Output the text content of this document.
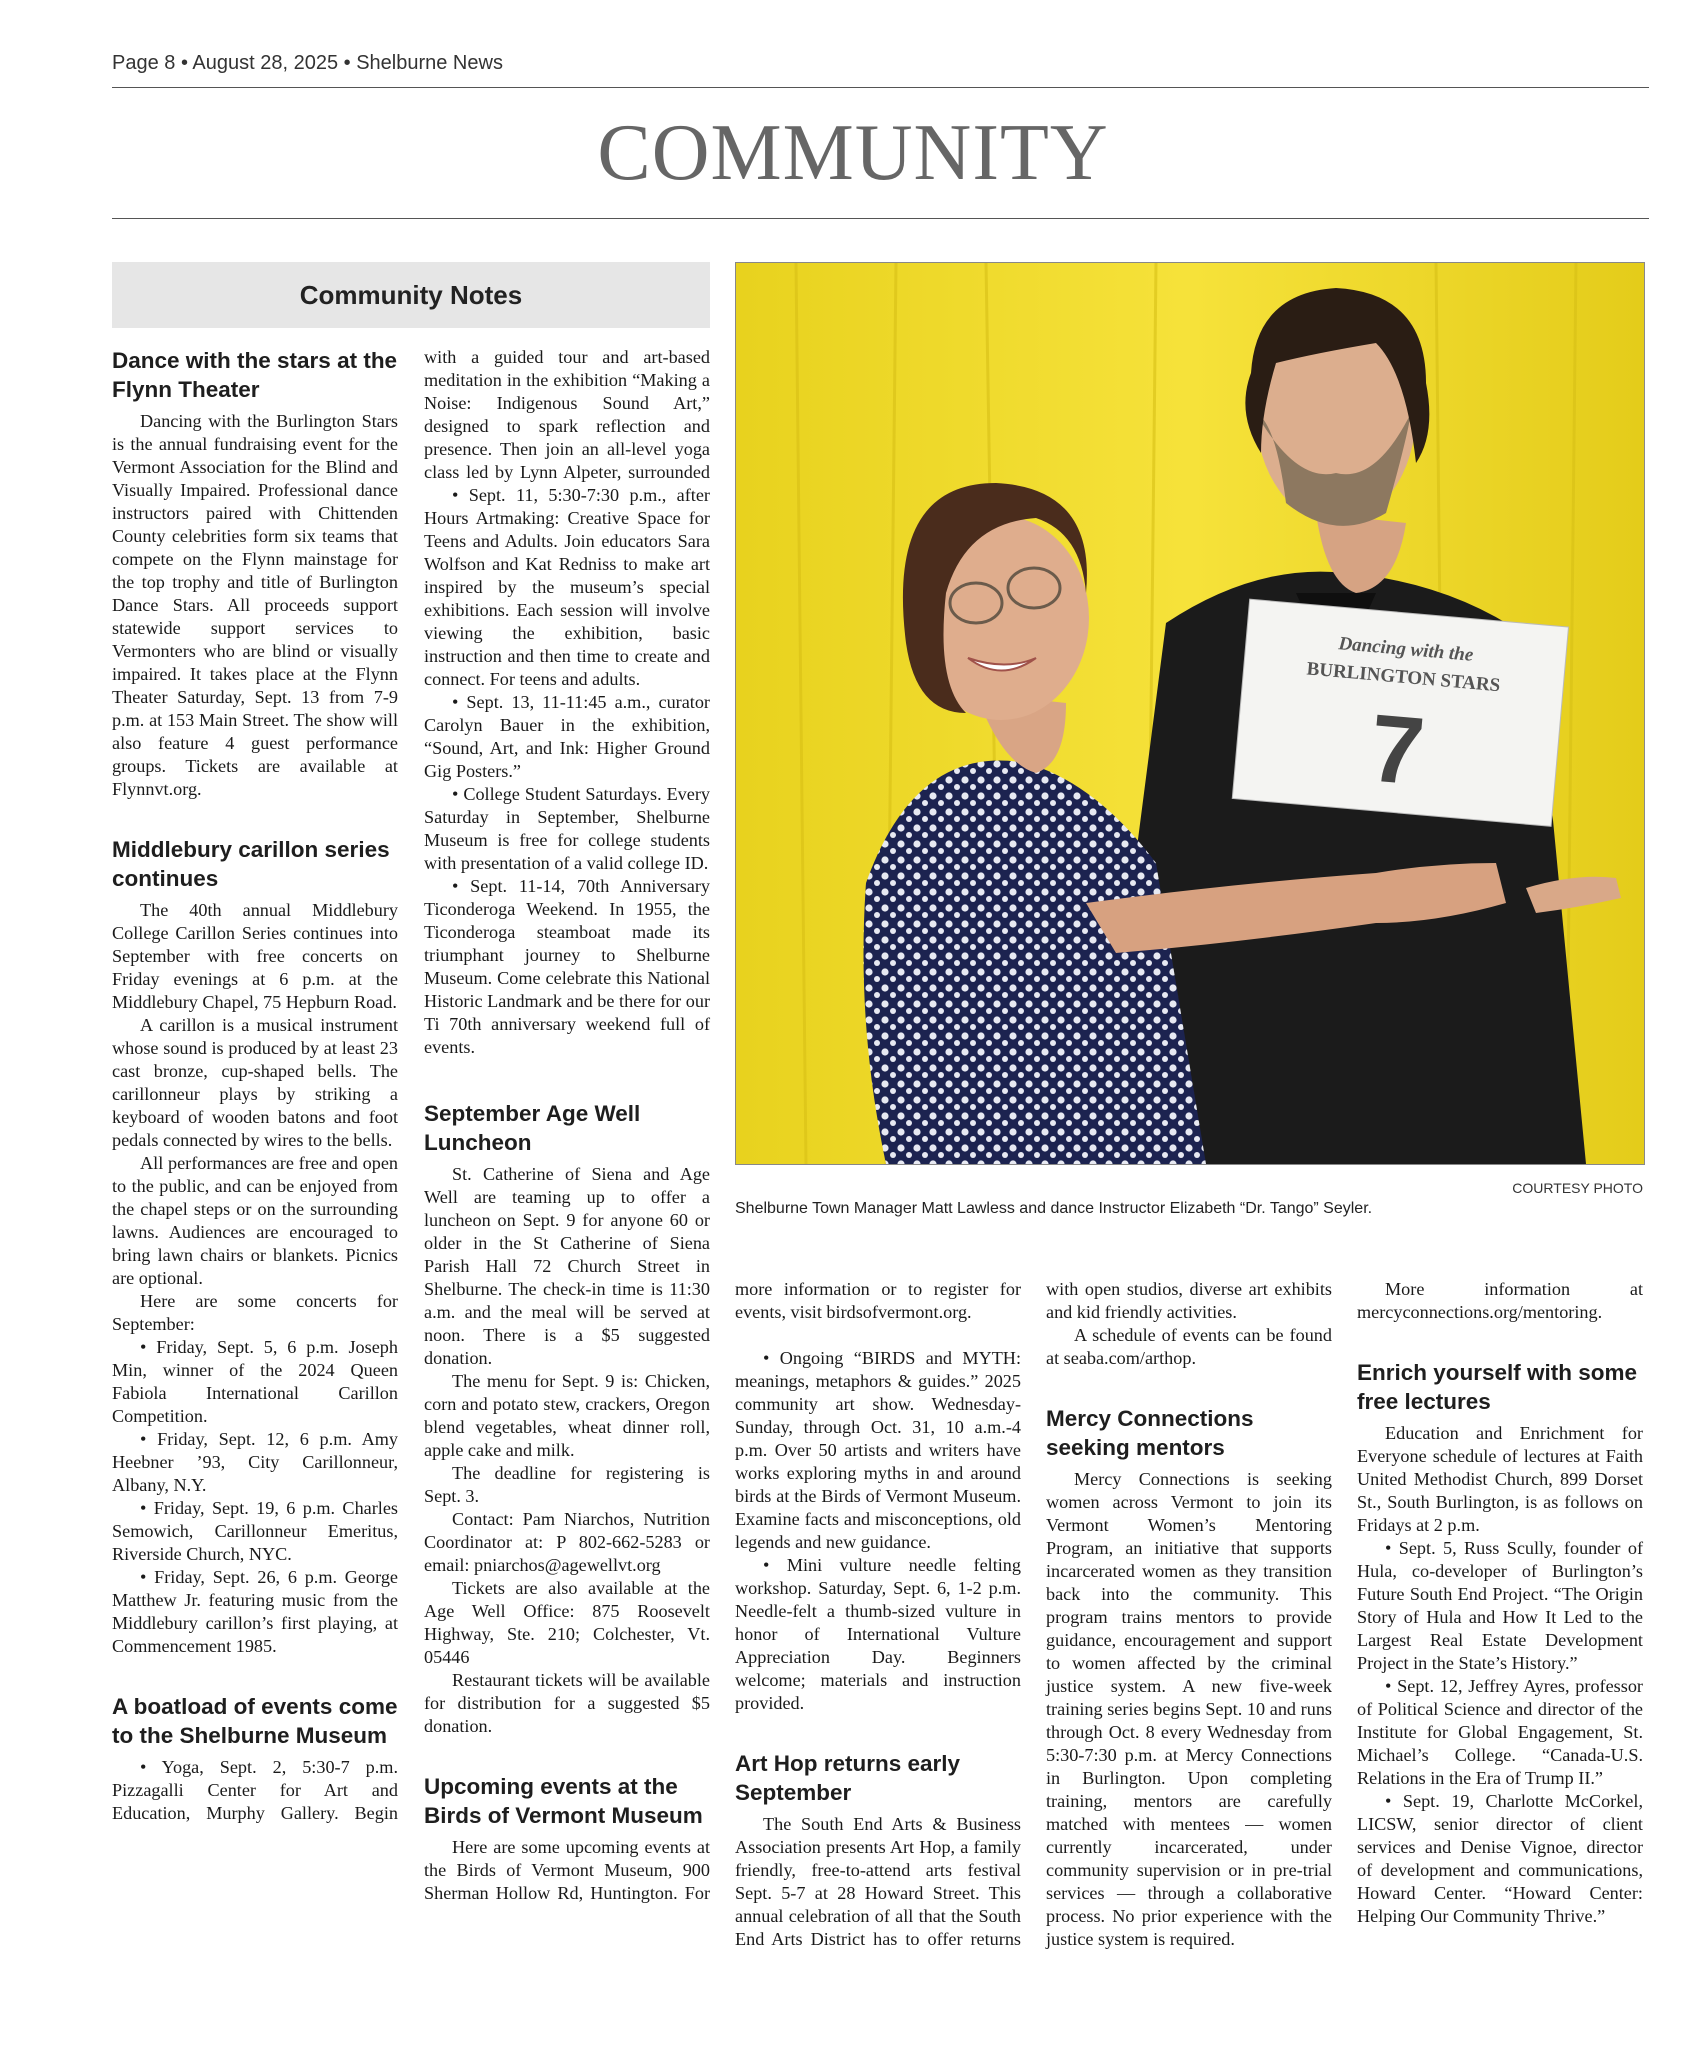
Page 8 • August 28, 2025 • Shelburne News
COMMUNITY
Community Notes
Dance with the stars at the Flynn Theater

Dancing with the Burlington Stars is the annual fundraising event for the Vermont Association for the Blind and Visually Impaired. Professional dance instructors paired with Chittenden County celebrities form six teams that compete on the Flynn mainstage for the top trophy and title of Burlington Dance Stars. All proceeds support statewide support services to Vermonters who are blind or visually impaired. It takes place at the Flynn Theater Saturday, Sept. 13 from 7-9 p.m. at 153 Main Street. The show will also feature 4 guest performance groups. Tickets are available at Flynnvt.org.

Middlebury carillon series continues

The 40th annual Middlebury College Carillon Series continues into September with free concerts on Friday evenings at 6 p.m. at the Middlebury Chapel, 75 Hepburn Road.

A carillon is a musical instrument whose sound is produced by at least 23 cast bronze, cup-shaped bells. The carillonneur plays by striking a keyboard of wooden batons and foot pedals connected by wires to the bells.

All performances are free and open to the public, and can be enjoyed from the chapel steps or on the surrounding lawns. Audiences are encouraged to bring lawn chairs or blankets. Picnics are optional.

Here are some concerts for September:

• Friday, Sept. 5, 6 p.m. Joseph Min, winner of the 2024 Queen Fabiola International Carillon Competition.

• Friday, Sept. 12, 6 p.m. Amy Heebner ’93, City Carillonneur, Albany, N.Y.

• Friday, Sept. 19, 6 p.m. Charles Semowich, Carillonneur Emeritus, Riverside Church, NYC.

• Friday, Sept. 26, 6 p.m. George Matthew Jr. featuring music from the Middlebury carillon’s first playing, at Commencement 1985.

A boatload of events come to the Shelburne Museum

• Yoga, Sept. 2, 5:30-7 p.m. Pizzagalli Center for Art and Education, Murphy Gallery. Begin

with a guided tour and art-based meditation in the exhibition “Making a Noise: Indigenous Sound Art,” designed to spark reflection and presence. Then join an all-level yoga class led by Lynn Alpeter, surrounded

• Sept. 11, 5:30-7:30 p.m., after Hours Artmaking: Creative Space for Teens and Adults. Join educators Sara Wolfson and Kat Redniss to make art inspired by the museum’s special exhibitions. Each session will involve viewing the exhibition, basic instruction and then time to create and connect. For teens and adults.

• Sept. 13, 11-11:45 a.m., curator Carolyn Bauer in the exhibition, “Sound, Art, and Ink: Higher Ground Gig Posters.”

• College Student Saturdays. Every Saturday in September, Shelburne Museum is free for college students with presentation of a valid college ID.

• Sept. 11-14, 70th Anniversary Ticonderoga Weekend. In 1955, the Ticonderoga steamboat made its triumphant journey to Shelburne Museum. Come celebrate this National Historic Landmark and be there for our Ti 70th anniversary weekend full of events.

September Age Well Luncheon

St. Catherine of Siena and Age Well are teaming up to offer a luncheon on Sept. 9 for anyone 60 or older in the St Catherine of Siena Parish Hall 72 Church Street in Shelburne. The check-in time is 11:30 a.m. and the meal will be served at noon. There is a $5 suggested donation.

The menu for Sept. 9 is: Chicken, corn and potato stew, crackers, Oregon blend vegetables, wheat dinner roll, apple cake and milk.

The deadline for registering is Sept. 3.

Contact: Pam Niarchos, Nutrition Coordinator at: P 802-662-5283 or email: pniarchos@agewellvt.org

Tickets are also available at the Age Well Office: 875 Roosevelt Highway, Ste. 210; Colchester, Vt. 05446

Restaurant tickets will be available for distribution for a suggested $5 donation.

Upcoming events at the Birds of Vermont Museum

Here are some upcoming events at the Birds of Vermont Museum, 900 Sherman Hollow Rd, Huntington. For

Dancing with the
BURLINGTON STARS
7
COURTESY PHOTO
Shelburne Town Manager Matt Lawless and dance Instructor Elizabeth “Dr. Tango” Seyler.

more information or to register for events, visit birdsofvermont.org.

• Ongoing “BIRDS and MYTH: meanings, metaphors & guides.” 2025 community art show. Wednesday-Sunday, through Oct. 31, 10 a.m.-4 p.m. Over 50 artists and writers have works exploring myths in and around birds at the Birds of Vermont Museum. Examine facts and misconceptions, old legends and new guidance.

• Mini vulture needle felting workshop. Saturday, Sept. 6, 1-2 p.m. Needle-felt a thumb-sized vulture in honor of International Vulture Appreciation Day. Beginners welcome; materials and instruction provided.

Art Hop returns early September

The South End Arts & Business Association presents Art Hop, a family friendly, free-to-attend arts festival Sept. 5-7 at 28 Howard Street. This annual celebration of all that the South End Arts District has to offer returns

with open studios, diverse art exhibits and kid friendly activities.

A schedule of events can be found at seaba.com/arthop.

Mercy Connections seeking mentors

Mercy Connections is seeking women across Vermont to join its Vermont Women’s Mentoring Program, an initiative that supports incarcerated women as they transition back into the community. This program trains mentors to provide guidance, encouragement and support to women affected by the criminal justice system. A new five-week training series begins Sept. 10 and runs through Oct. 8 every Wednesday from 5:30-7:30 p.m. at Mercy Connections in Burlington. Upon completing training, mentors are carefully matched with mentees — women currently incarcerated, under community supervision or in pre-trial services — through a collaborative process. No prior experience with the justice system is required.

More information at mercyconnections.org/mentoring.

Enrich yourself with some free lectures

Education and Enrichment for Everyone schedule of lectures at Faith United Methodist Church, 899 Dorset St., South Burlington, is as follows on Fridays at 2 p.m.

• Sept. 5, Russ Scully, founder of Hula, co-developer of Burlington’s Future South End Project. “The Origin Story of Hula and How It Led to the Largest Real Estate Development Project in the State’s History.”

• Sept. 12, Jeffrey Ayres, professor of Political Science and director of the Institute for Global Engagement, St. Michael’s College. “Canada-U.S. Relations in the Era of Trump II.”

• Sept. 19, Charlotte McCorkel, LICSW, senior director of client services and Denise Vignoe, director of development and communications, Howard Center. “Howard Center: Helping Our Community Thrive.”
